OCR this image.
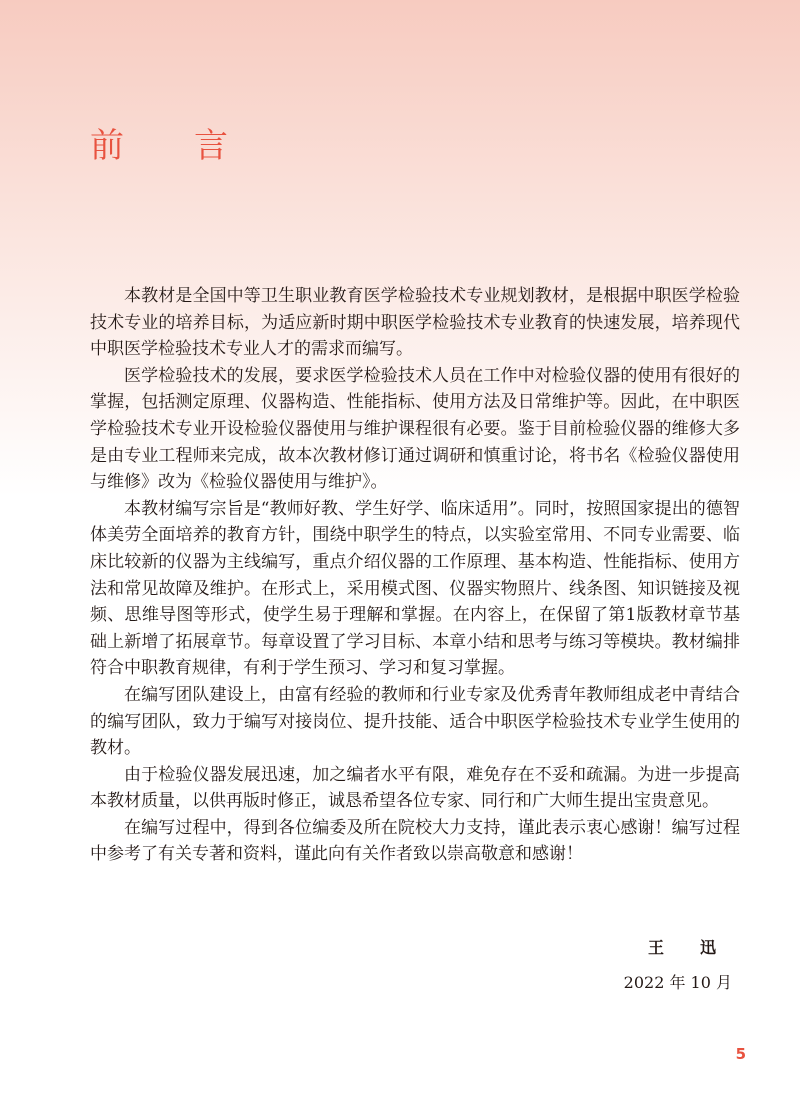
前　言

本教材是全国中等卫生职业教育医学检验技术专业规划教材，是根据中职医学检验技术专业的培养目标，为适应新时期中职医学检验技术专业教育的快速发展，培养现代中职医学检验技术专业人才的需求而编写。

医学检验技术的发展，要求医学检验技术人员在工作中对检验仪器的使用有很好的掌握，包括测定原理、仪器构造、性能指标、使用方法及日常维护等。因此，在中职医学检验技术专业开设检验仪器使用与维护课程很有必要。鉴于目前检验仪器的维修大多是由专业工程师来完成，故本次教材修订通过调研和慎重讨论，将书名《检验仪器使用与维修》改为《检验仪器使用与维护》。

本教材编写宗旨是“教师好教、学生好学、临床适用”。同时，按照国家提出的德智体美劳全面培养的教育方针，围绕中职学生的特点，以实验室常用、不同专业需要、临床比较新的仪器为主线编写，重点介绍仪器的工作原理、基本构造、性能指标、使用方法和常见故障及维护。在形式上，采用模式图、仪器实物照片、线条图、知识链接及视频、思维导图等形式，使学生易于理解和掌握。在内容上，在保留了第1版教材章节基础上新增了拓展章节。每章设置了学习目标、本章小结和思考与练习等模块。教材编排符合中职教育规律，有利于学生预习、学习和复习掌握。

在编写团队建设上，由富有经验的教师和行业专家及优秀青年教师组成老中青结合的编写团队，致力于编写对接岗位、提升技能、适合中职医学检验技术专业学生使用的教材。

由于检验仪器发展迅速，加之编者水平有限，难免存在不妥和疏漏。为进一步提高本教材质量，以供再版时修正，诚恳希望各位专家、同行和广大师生提出宝贵意见。

在编写过程中，得到各位编委及所在院校大力支持，谨此表示衷心感谢！编写过程中参考了有关专著和资料，谨此向有关作者致以崇高敬意和感谢！

王　迅
2022 年 10 月
5
